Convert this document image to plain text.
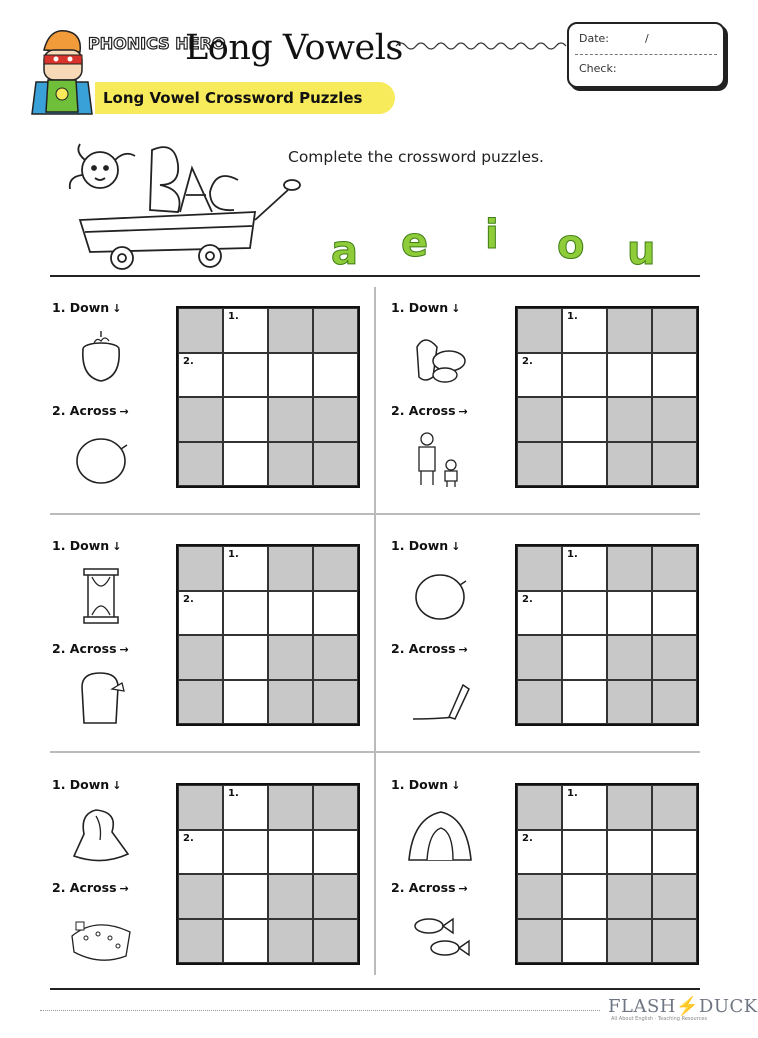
PHONICS HERO
Long Vowels	Date:	/
Check:
Long Vowel Crossword Puzzles
Complete the crossword puzzles.
a e i o u
1. Down ↓
2. Across →
1.
2.
1. Down ↓
2. Across →
1.
2.
1. Down ↓
2. Across →
1.
2.
1. Down ↓
2. Across →
1.
2.
1. Down ↓
2. Across →
1.
2.
1. Down ↓
2. Across →
1.
2.
FLASH⚡DUCK
All About English · Teaching Resources
